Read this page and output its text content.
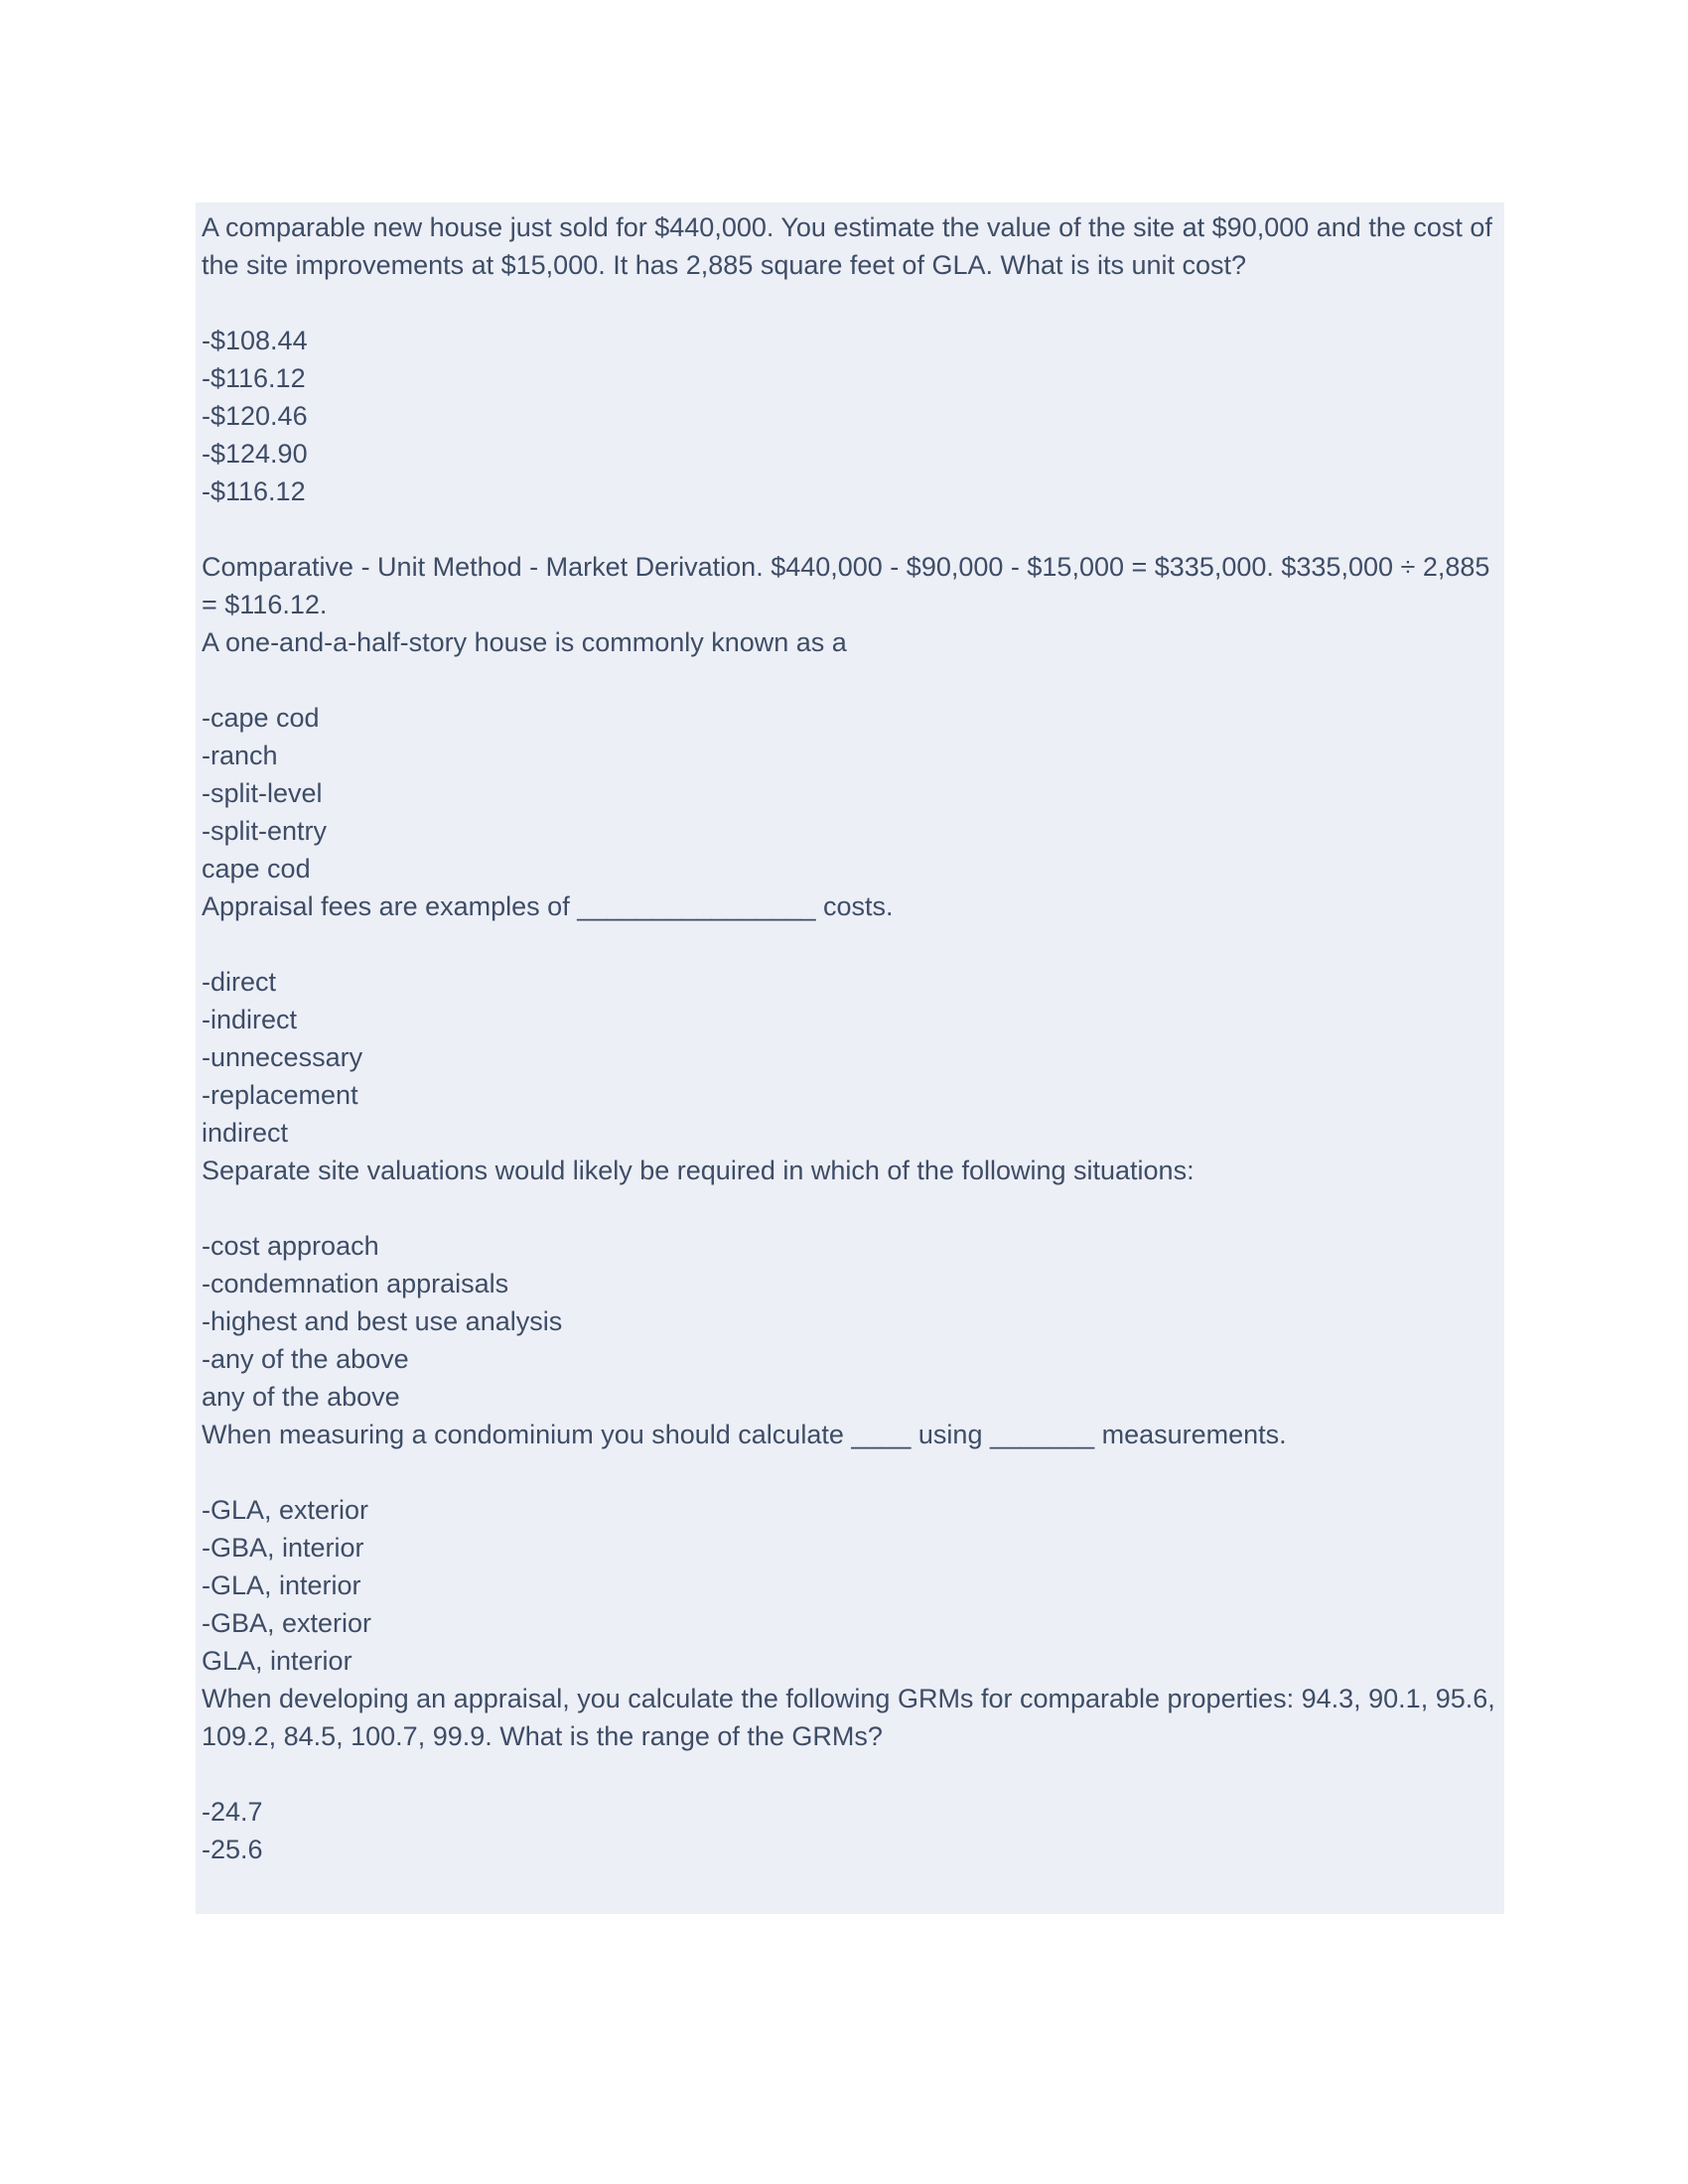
A comparable new house just sold for $440,000. You estimate the value of the site at $90,000 and the cost of the site improvements at $15,000. It has 2,885 square feet of GLA. What is its unit cost?
-$108.44
-$116.12
-$120.46
-$124.90
-$116.12
Comparative - Unit Method - Market Derivation. $440,000 - $90,000 - $15,000 = $335,000. $335,000 ÷ 2,885 = $116.12.
A one-and-a-half-story house is commonly known as a
-cape cod
-ranch
-split-level
-split-entry
cape cod
Appraisal fees are examples of ________________ costs.
-direct
-indirect
-unnecessary
-replacement
indirect
Separate site valuations would likely be required in which of the following situations:
-cost approach
-condemnation appraisals
-highest and best use analysis
-any of the above
any of the above
When measuring a condominium you should calculate ____ using _______ measurements.
-GLA, exterior
-GBA, interior
-GLA, interior
-GBA, exterior
GLA, interior
When developing an appraisal, you calculate the following GRMs for comparable properties: 94.3, 90.1, 95.6, 109.2, 84.5, 100.7, 99.9. What is the range of the GRMs?
-24.7
-25.6
